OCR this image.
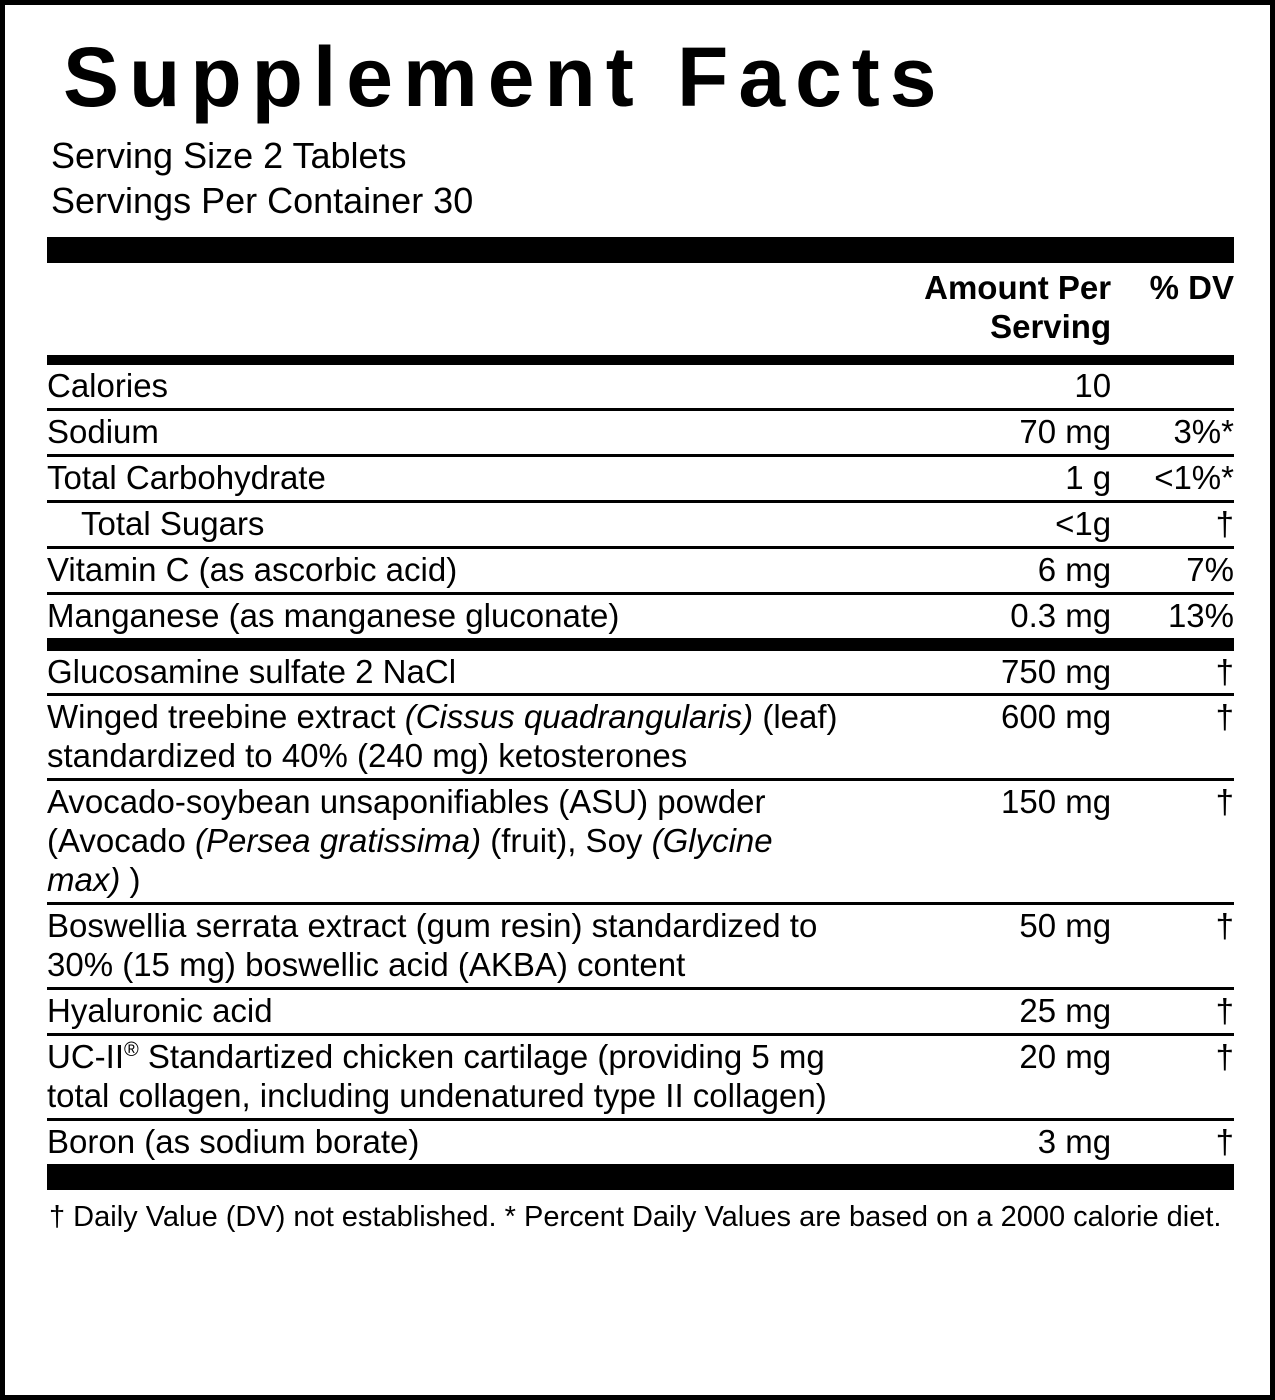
Supplement Facts
Serving Size 2 Tablets
Servings Per Container 30
	Amount Per Serving	% DV
Calories	10	
Sodium	70 mg	3%*
Total Carbohydrate	1 g	<1%*
Total Sugars	<1g	†
Vitamin C (as ascorbic acid)	6 mg	7%
Manganese (as manganese gluconate)	0.3 mg	13%
Glucosamine sulfate 2 NaCl	750 mg	†
Winged treebine extract (Cissus quadrangularis) (leaf) standardized to 40% (240 mg) ketosterones	600 mg	†
Avocado-soybean unsaponifiables (ASU) powder (Avocado (Persea gratissima) (fruit), Soy (Glycine max) )	150 mg	†
Boswellia serrata extract (gum resin) standardized to 30% (15 mg) boswellic acid (AKBA) content	50 mg	†
Hyaluronic acid	25 mg	†
UC-II® Standartized chicken cartilage (providing 5 mg total collagen, including undenatured type II collagen)	20 mg	†
Boron (as sodium borate)	3 mg	†
† Daily Value (DV) not established. * Percent Daily Values are based on a 2000 calorie diet.
